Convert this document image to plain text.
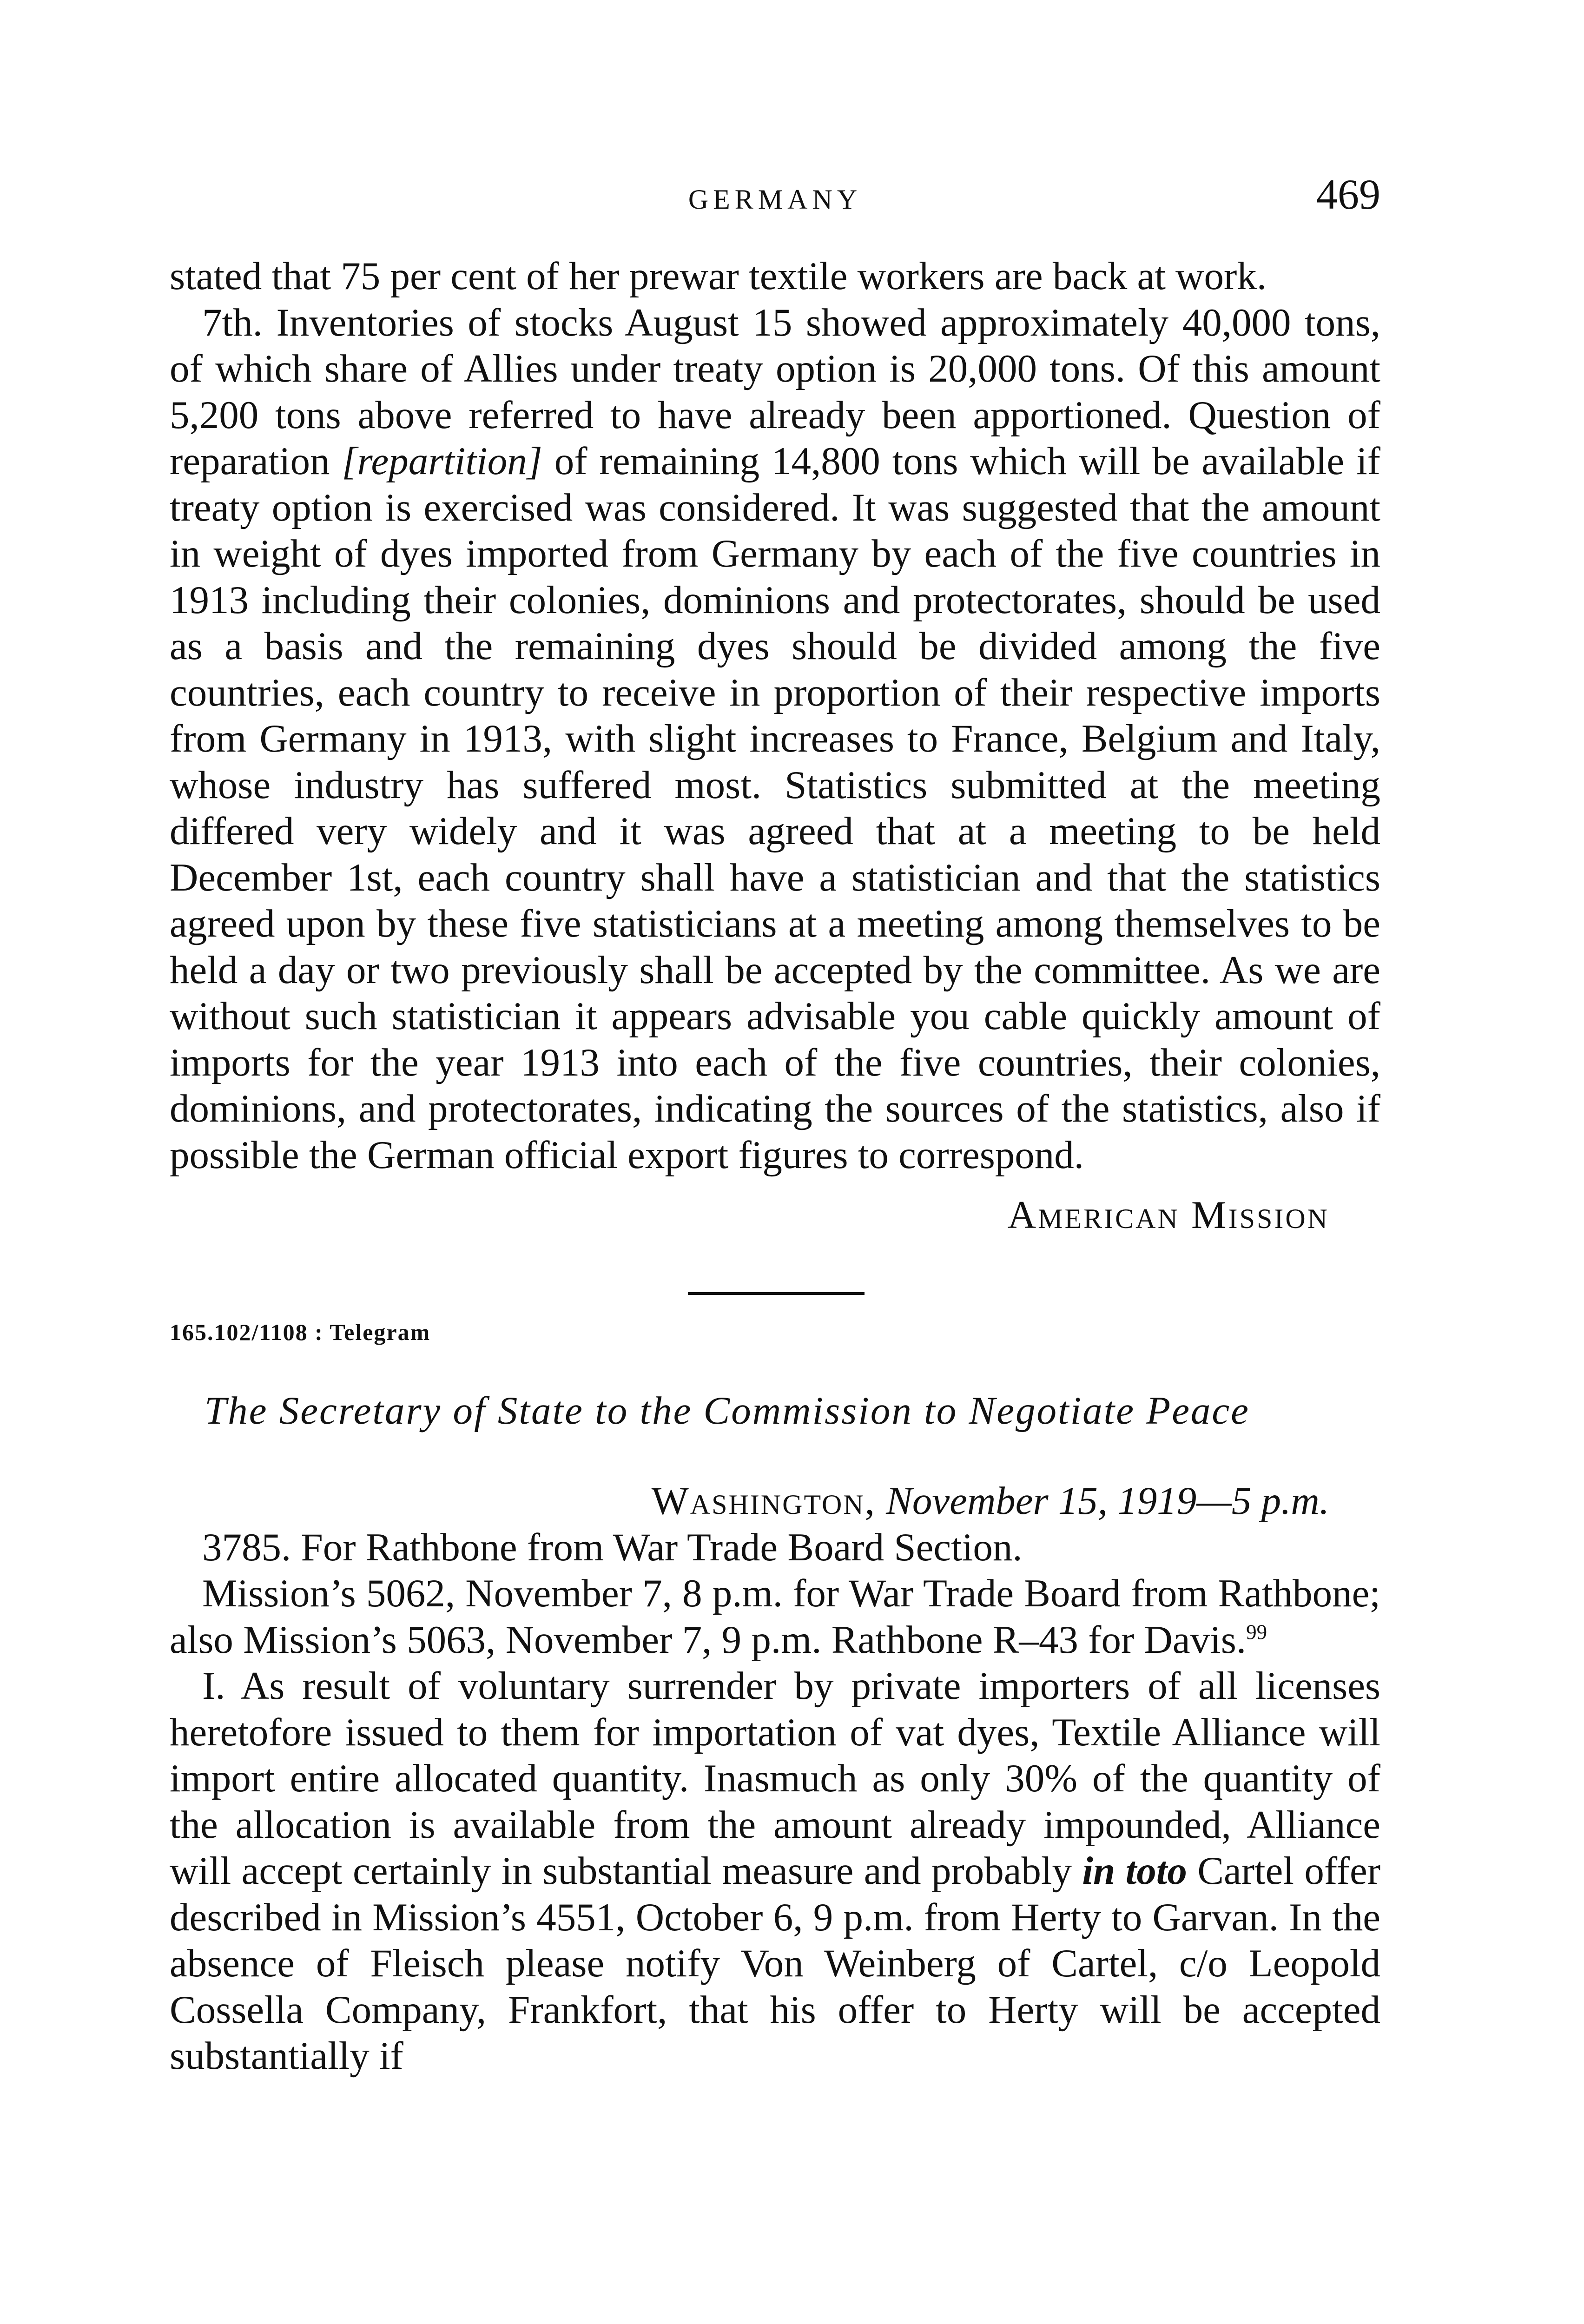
GERMANY	469

stated that 75 per cent of her prewar textile workers are back at work.

7th. Inventories of stocks August 15 showed approximately 40,000 tons, of which share of Allies under treaty option is 20,000 tons. Of this amount 5,200 tons above referred to have already been apportioned. Question of reparation [repartition] of remaining 14,800 tons which will be available if treaty option is exercised was considered. It was suggested that the amount in weight of dyes imported from Germany by each of the five countries in 1913 including their colonies, dominions and protectorates, should be used as a basis and the remaining dyes should be divided among the five countries, each country to receive in proportion of their respective imports from Germany in 1913, with slight increases to France, Belgium and Italy, whose industry has suffered most. Statistics submitted at the meeting differed very widely and it was agreed that at a meeting to be held December 1st, each country shall have a statistician and that the statistics agreed upon by these five statisticians at a meeting among themselves to be held a day or two previously shall be accepted by the committee. As we are without such statistician it appears advisable you cable quickly amount of imports for the year 1913 into each of the five countries, their colonies, dominions, and protectorates, indicating the sources of the statistics, also if possible the German official export figures to correspond.

American Mission

165.102/1108 : Telegram

The Secretary of State to the Commission to Negotiate Peace

Washington, November 15, 1919—5 p.m.

3785. For Rathbone from War Trade Board Section.

Mission’s 5062, November 7, 8 p.m. for War Trade Board from Rathbone; also Mission’s 5063, November 7, 9 p.m. Rathbone R–43 for Davis.$^{99}$

I. As result of voluntary surrender by private importers of all licenses heretofore issued to them for importation of vat dyes, Textile Alliance will import entire allocated quantity. Inasmuch as only 30% of the quantity of the allocation is available from the amount already impounded, Alliance will accept certainly in substantial measure and probably in toto Cartel offer described in Mission’s 4551, October 6, 9 p.m. from Herty to Garvan. In the absence of Fleisch please notify Von Weinberg of Cartel, c/o Leopold Cossella Company, Frankfort, that his offer to Herty will be accepted substantially if
